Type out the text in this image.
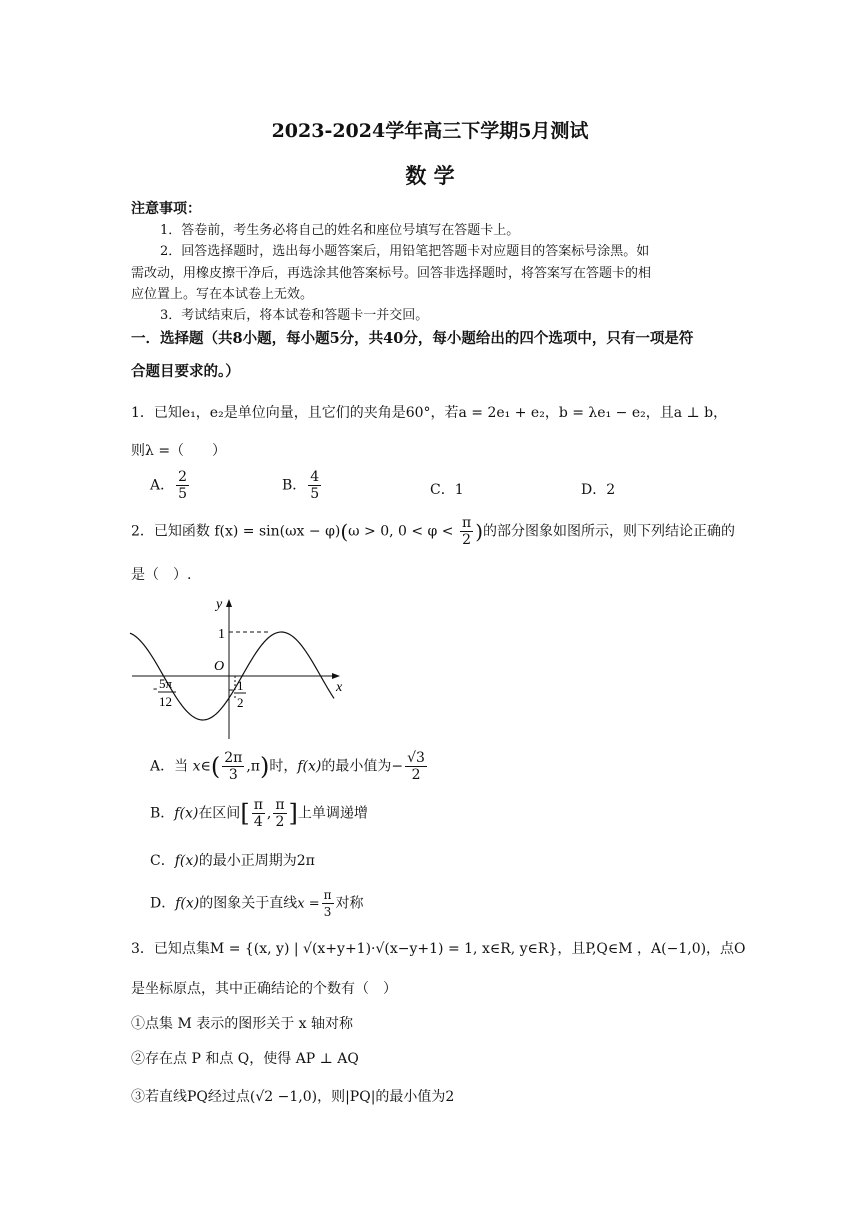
2023-2024学年高三下学期5月测试
数 学
注意事项：
1．答卷前，考生务必将自己的姓名和座位号填写在答题卡上。
2．回答选择题时，选出每小题答案后，用铅笔把答题卡对应题目的答案标号涂黑。如
需改动，用橡皮擦干净后，再选涂其他答案标号。回答非选择题时，将答案写在答题卡的相
应位置上。写在本试卷上无效。
3．考试结束后，将本试卷和答题卡一并交回。
一．选择题（共8小题，每小题5分，共40分，每小题给出的四个选项中，只有一项是符
合题目要求的。）
1．已知e₁，e₂是单位向量，且它们的夹角是60°，若a = 2e₁ + e₂，b = λe₁ − e₂，且a ⊥ b，
则λ =（　　）
A． $\frac{2}{5}$	B． $\frac{4}{5}$	C．1	D．2
2．已知函数 f(x) = sin(ωx − φ)(ω > 0, $0 < \varphi < \frac{\pi}{2}$ )的部分图象如图所示，则下列结论正确的
是（　）.
x
y
O
1
- 5π
12
- 1
2
A．当 x∈( $\frac{2\pi}{3} ,\pi$)时，f(x)的最小值为− $\frac{√3}{2}$
B．f(x)在区间[ $\frac{\pi}{4}$ , $\frac{\pi}{2}$ ]上单调递增
C．f(x)的最小正周期为2π
D．f(x)的图象关于直线$x = \frac{\pi}{3}$ 对称
3．已知点集M = {(x, y) | √(x+y+1)·√(x−y+1) = 1, x∈R, y∈R}，且P,Q∈M ，A(−1,0)，点O
是坐标原点，其中正确结论的个数有（　）
①点集 M 表示的图形关于 x 轴对称
②存在点 P 和点 Q，使得 AP ⊥ AQ
③若直线PQ经过点(√2 −1,0)，则|PQ|的最小值为2
